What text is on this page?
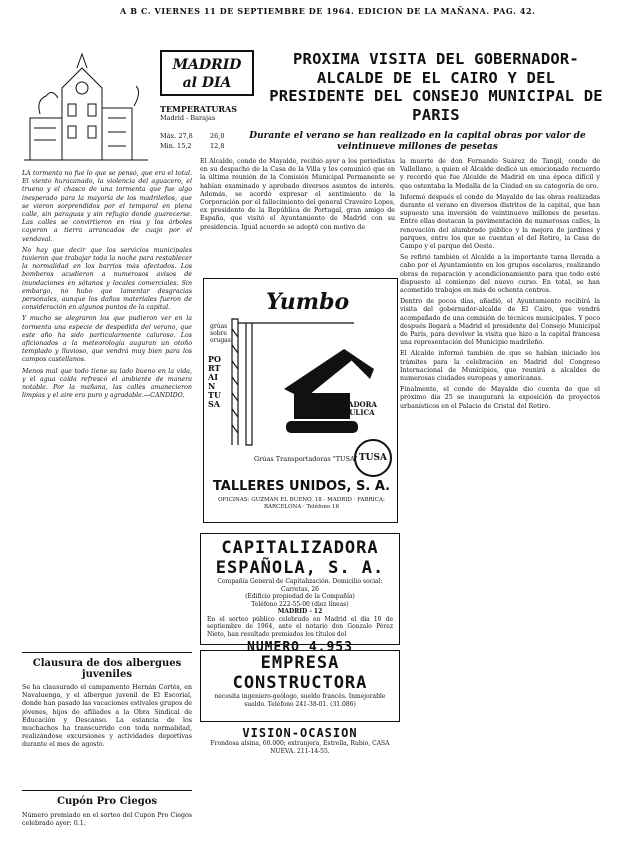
A B C. VIERNES 11 DE SEPTIEMBRE DE 1964. EDICION DE LA MAÑANA. PAG. 42.
MADRID
al DIA
TEMPERATURAS
Madrid - Barajas
Máx. 27,8	26,0
Min. 15,2	12,8

LA tormenta no fue lo que se pensó, que era el total. El viento huracanado, la violencia del aguacero, el trueno y el chasco de una tormenta que fue algo inesperado para la mayoría de los madrileños, que se vieron sorprendidos por el temporal en plena calle, sin paraguas y sin refugio donde guarecerse. Las calles se convirtieron en ríos y los árboles cayeron a tierra arrancados de cuajo por el vendaval.

No hay que decir que los servicios municipales tuvieron que trabajar toda la noche para restablecer la normalidad en los barrios más afectados. Los bomberos acudieron a numerosos avisos de inundaciones en sótanos y locales comerciales. Sin embargo, no hubo que lamentar desgracias personales, aunque los daños materiales fueron de consideración en algunos puntos de la capital.

Y mucho se alegraron los que pudieron ver en la tormenta una especie de despedida del verano, que este año ha sido particularmente caluroso. Los aficionados a la meteorología auguran un otoño templado y lluvioso, que vendrá muy bien para los campos castellanos.

Menos mal que todo tiene su lado bueno en la vida, y el agua caída refrescó el ambiente de manera notable. Por la mañana, las calles amanecieron limpias y el aire era puro y agradable.—CANDIDO.

Clausura de dos albergues juveniles
Se ha clausurado el campamento Hernán Cortés, en Navaluenga, y el albergue juvenil de El Escorial, donde han pasado las vacaciones estivales grupos de jóvenes, hijos de afiliados a la Obra Sindical de Educación y Descanso. La estancia de los muchachos ha transcurrido con toda normalidad, realizándose excursiones y actividades deportivas durante el mes de agosto.
Cupón Pro Ciegos
Número premiado en el sorteo del Cupón Pro Ciegos celebrado ayer: 0.1.
PROXIMA VISITA DEL GOBERNADOR-ALCALDE DE EL CAIRO Y DEL PRESIDENTE DEL CONSEJO MUNICIPAL DE PARIS
Durante el verano se han realizado en la capital obras por valor de veintinueve millones de pesetas
El Alcalde, conde de Mayalde, recibió ayer a los periodistas en su despacho de la Casa de la Villa y les comunicó que en la última reunión de la Comisión Municipal Permanente se habían examinado y aprobado diversos asuntos de interés. Además, se acordó expresar el sentimiento de la Corporación por el fallecimiento del general Craveiro Lopes, ex presidente de la República de Portugal, gran amigo de España, que visitó el Ayuntamiento de Madrid con su presidencia. Igual acuerdo se adoptó con motivo de

la muerte de don Fernando Suárez de Tangil, conde de Vallellano, a quien el Alcalde dedicó un emocionado recuerdo y recordó que fue Alcalde de Madrid en una época difícil y que ostentaba la Medalla de la Ciudad en su categoría de oro.

Informó después el conde de Mayalde de las obras realizadas durante el verano en diversos distritos de la capital, que han supuesto una inversión de veintinueve millones de pesetas. Entre ellas destacan la pavimentación de numerosas calles, la renovación del alumbrado público y la mejora de jardines y parques, entre los que se cuentan el del Retiro, la Casa de Campo y el parque del Oeste.

Se refirió también el Alcalde a la importante tarea llevada a cabo por el Ayuntamiento en los grupos escolares, realizando obras de reparación y acondicionamiento para que todo esté dispuesto al comienzo del nuevo curso. En total, se han acometido trabajos en más de ochenta centros.

Dentro de pocos días, añadió, el Ayuntamiento recibirá la visita del gobernador-alcalde de El Cairo, que vendrá acompañado de una comisión de técnicos municipales. Y poco después llegará a Madrid el presidente del Consejo Municipal de París, para devolver la visita que hizo a la capital francesa una representación del Municipio madrileño.

El Alcalde informó también de que se habían iniciado los trámites para la celebración en Madrid del Congreso Internacional de Municipios, que reunirá a alcaldes de numerosas ciudades europeas y americanas.

Finalmente, el conde de Mayalde dio cuenta de que el próximo día 25 se inaugurará la exposición de proyectos urbanísticos en el Palacio de Cristal del Retiro.

Yumbo
grúas
sobre
orugas
PORTAIN TUSA	EXCAVADORA HIDRAULICA
Grúas Transportadoras "TUSA" TUSA
TALLERES UNIDOS, S. A.
OFICINAS: GUZMAN EL BUENO, 18 - MADRID · FABRICA: BARCELONA · Teléfono 16
CAPITALIZADORA
ESPAÑOLA, S. A.
Compañía General de Capitalización. Domicilio social:
Carretas, 26
(Edificio propiedad de la Compañía)
Teléfono 222-55-00 (diez líneas)
MADRID - 12
En el sorteo público celebrado en Madrid el día 10 de septiembre de 1964, ante el notario don Gonzalo Pérez Nieto, han resultado premiados los títulos del
NUMERO 4.953
EMPRESA
CONSTRUCTORA
necesita ingeniero-geólogo, sueldo francés. Inmejorable sueldo. Teléfono 241-38-01. (31.086)
VISION-OCASION
Frondosa alsina, 60.000; extranjera, Estrella, Rubio, CASA NUEVA. 211-14-55.
